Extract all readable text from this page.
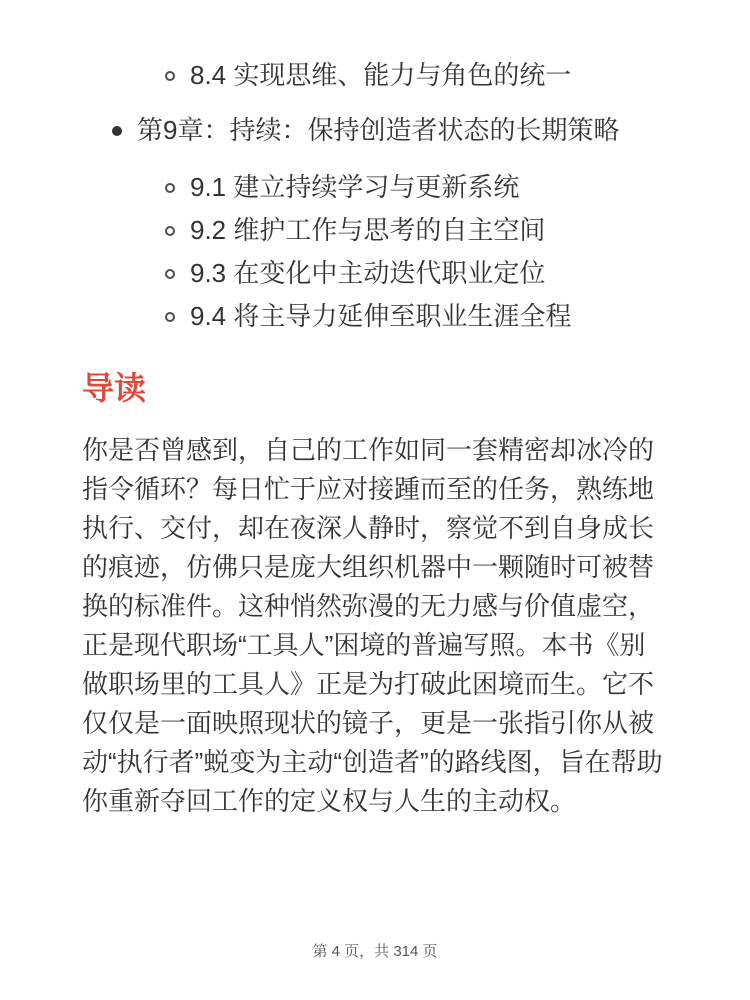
8.4 实现思维、能力与角色的统一
第9章：持续：保持创造者状态的长期策略
9.1 建立持续学习与更新系统
9.2 维护工作与思考的自主空间
9.3 在变化中主动迭代职业定位
9.4 将主导力延伸至职业生涯全程
导读

你是否曾感到，自己的工作如同一套精密却冰冷的指令循环？每日忙于应对接踵而至的任务，熟练地执行、交付，却在夜深人静时，察觉不到自身成长的痕迹，仿佛只是庞大组织机器中一颗随时可被替换的标准件。这种悄然弥漫的无力感与价值虚空，正是现代职场“工具人”困境的普遍写照。本书《别做职场里的工具人》正是为打破此困境而生。它不仅仅是一面映照现状的镜子，更是一张指引你从被动“执行者”蜕变为主动“创造者”的路线图，旨在帮助你重新夺回工作的定义权与人生的主动权。

第 4 页，共 314 页
